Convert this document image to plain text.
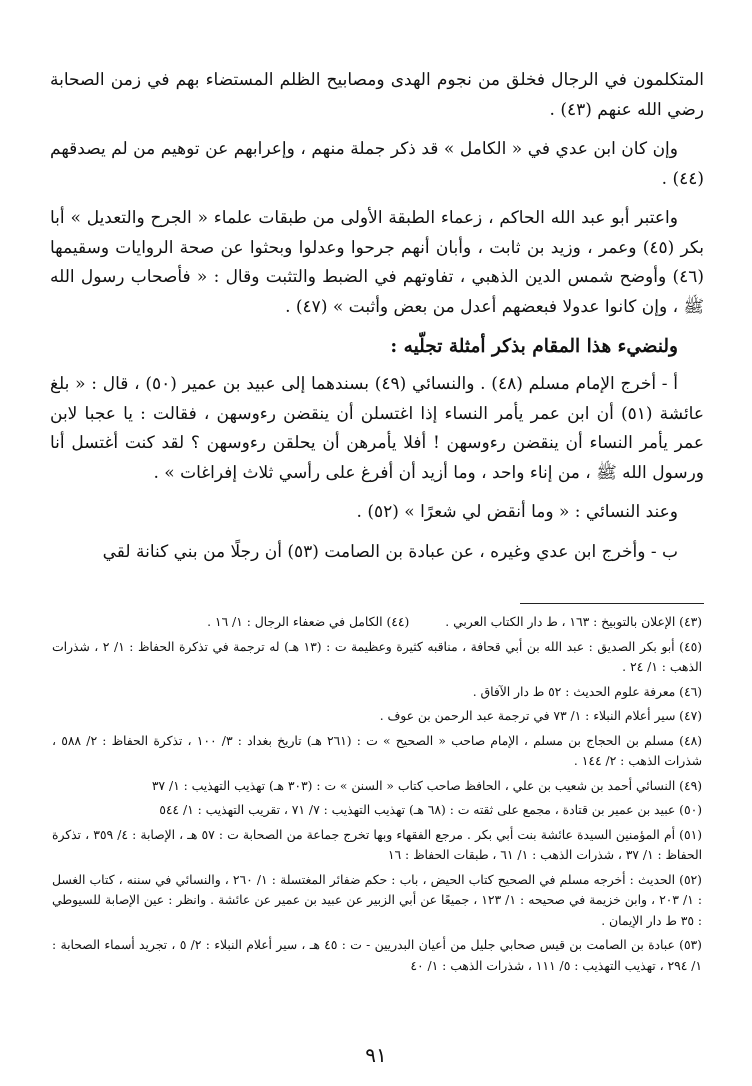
المتكلمون في الرجال فخلق من نجوم الهدى ومصابيح الظلم المستضاء بهم في زمن الصحابة رضي الله عنهم (٤٣) .

وإن كان ابن عدي في « الكامل » قد ذكر جملة منهم ، وإعرابهم عن توهيم من لم يصدقهم (٤٤) .

واعتبر أبو عبد الله الحاكم ، زعماء الطبقة الأولى من طبقات علماء « الجرح والتعديل » أبا بكر (٤٥) وعمر ، وزيد بن ثابت ، وأبان أنهم جرحوا وعدلوا وبحثوا عن صحة الروايات وسقيمها (٤٦) وأوضح شمس الدين الذهبي ، تفاوتهم في الضبط والتثبت وقال : « فأصحاب رسول الله ﷺ ، وإن كانوا عدولا فبعضهم أعدل من بعض وأثبت » (٤٧) .

ولنضيء هذا المقام بذكر أمثلة تجلّيه :

أ - أخرج الإمام مسلم (٤٨) . والنسائي (٤٩) بسندهما إلى عبيد بن عمير (٥٠) ، قال : « بلغ عائشة (٥١) أن ابن عمر يأمر النساء إذا اغتسلن أن ينقضن رءوسهن ، فقالت : يا عجبا لابن عمر يأمر النساء أن ينقضن رءوسهن ! أفلا يأمرهن أن يحلقن رءوسهن ؟ لقد كنت أغتسل أنا ورسول الله ﷺ ، من إناء واحد ، وما أزيد أن أفرغ على رأسي ثلاث إفراغات » .

وعند النسائي : « وما أنقض لي شعرًا » (٥٢) .

ب - وأخرج ابن عدي وغيره ، عن عبادة بن الصامت (٥٣) أن رجلًا من بني كنانة لقي

(٤٣) الإعلان بالتوبيخ : ١٦٣ ، ط دار الكتاب العربي .
(٤٤) الكامل في ضعفاء الرجال : ١/ ١٦ .

(٤٥) أبو بكر الصديق : عبد الله بن أبي قحافة ، مناقبه كثيرة وعظيمة ت : (١٣ هـ) له ترجمة في تذكرة الحفاظ : ١/ ٢ ، شذرات الذهب : ١/ ٢٤ .

(٤٦) معرفة علوم الحديث : ٥٢ ط دار الآفاق .

(٤٧) سير أعلام النبلاء : ١/ ٧٣ في ترجمة عبد الرحمن بن عوف .

(٤٨) مسلم بن الحجاج بن مسلم ، الإمام صاحب « الصحيح » ت : (٢٦١ هـ) تاريخ بغداد : ٣/ ١٠٠ ، تذكرة الحفاظ : ٢/ ٥٨٨ ، شذرات الذهب : ٢/ ١٤٤ .

(٤٩) النسائي أحمد بن شعيب بن علي ، الحافظ صاحب كتاب « السنن » ت : (٣٠٣ هـ) تهذيب التهذيب : ١/ ٣٧

(٥٠) عبيد بن عمير بن قتادة ، مجمع على ثقته ت : (٦٨ هـ) تهذيب التهذيب : ٧/ ٧١ ، تقريب التهذيب : ١/ ٥٤٤

(٥١) أم المؤمنين السيدة عائشة بنت أبي بكر . مرجع الفقهاء وبها تخرج جماعة من الصحابة ت : ٥٧ هـ ، الإصابة : ٤/ ٣٥٩ ، تذكرة الحفاظ : ١/ ٣٧ ، شذرات الذهب : ١/ ٦١ ، طبقات الحفاظ : ١٦

(٥٢) الحديث : أخرجه مسلم في الصحيح كتاب الحيض ، باب : حكم ضفائر المغتسلة : ١/ ٢٦٠ ، والنسائي في سننه ، كتاب الغسل : ١/ ٢٠٣ ، وابن خزيمة في صحيحه : ١/ ١٢٣ ، جميعًا عن أبي الزبير عن عبيد بن عمير عن عائشة . وانظر : عين الإصابة للسيوطي : ٣٥ ط دار الإيمان .

(٥٣) عبادة بن الصامت بن قيس صحابي جليل من أعيان البدريين - ت : ٤٥ هـ ، سير أعلام النبلاء : ٢/ ٥ ، تجريد أسماء الصحابة : ١/ ٢٩٤ ، تهذيب التهذيب : ٥/ ١١١ ، شذرات الذهب : ١/ ٤٠

٩١
